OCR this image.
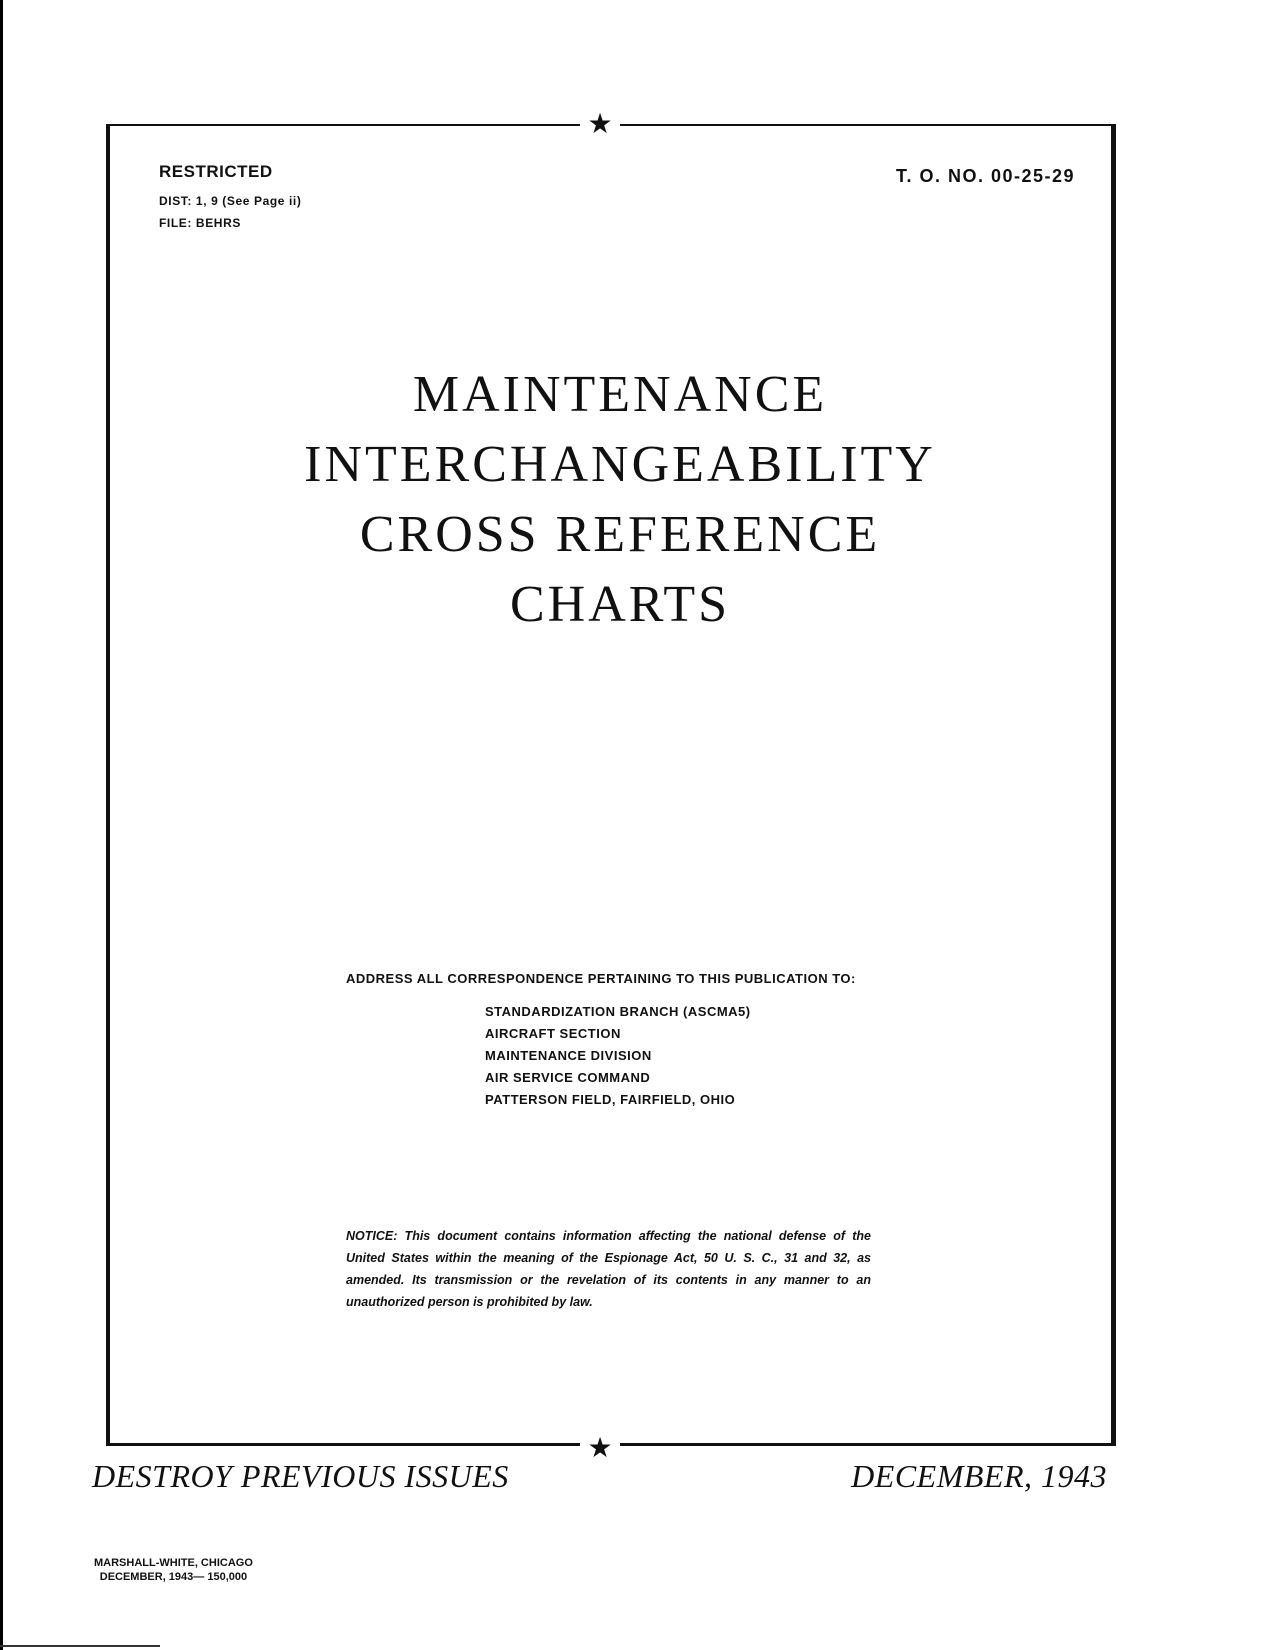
★
★

RESTRICTED

DIST: 1, 9 (See Page ii)

FILE: BEHRS

T. O. NO. 00-25-29

MAINTENANCE
INTERCHANGEABILITY
CROSS REFERENCE
CHARTS

ADDRESS ALL CORRESPONDENCE PERTAINING TO THIS PUBLICATION TO:

STANDARDIZATION BRANCH (ASCMA5)
AIRCRAFT SECTION
MAINTENANCE DIVISION
AIR SERVICE COMMAND
PATTERSON FIELD, FAIRFIELD, OHIO

NOTICE: This document contains information affecting the national defense of the United States within the meaning of the Espionage Act, 50 U. S. C., 31 and 32, as amended. Its transmission or the revelation of its contents in any manner to an unauthorized person is prohibited by law.

DESTROY PREVIOUS ISSUES	DECEMBER, 1943

MARSHALL-WHITE, CHICAGO
DECEMBER, 1943— 150,000
